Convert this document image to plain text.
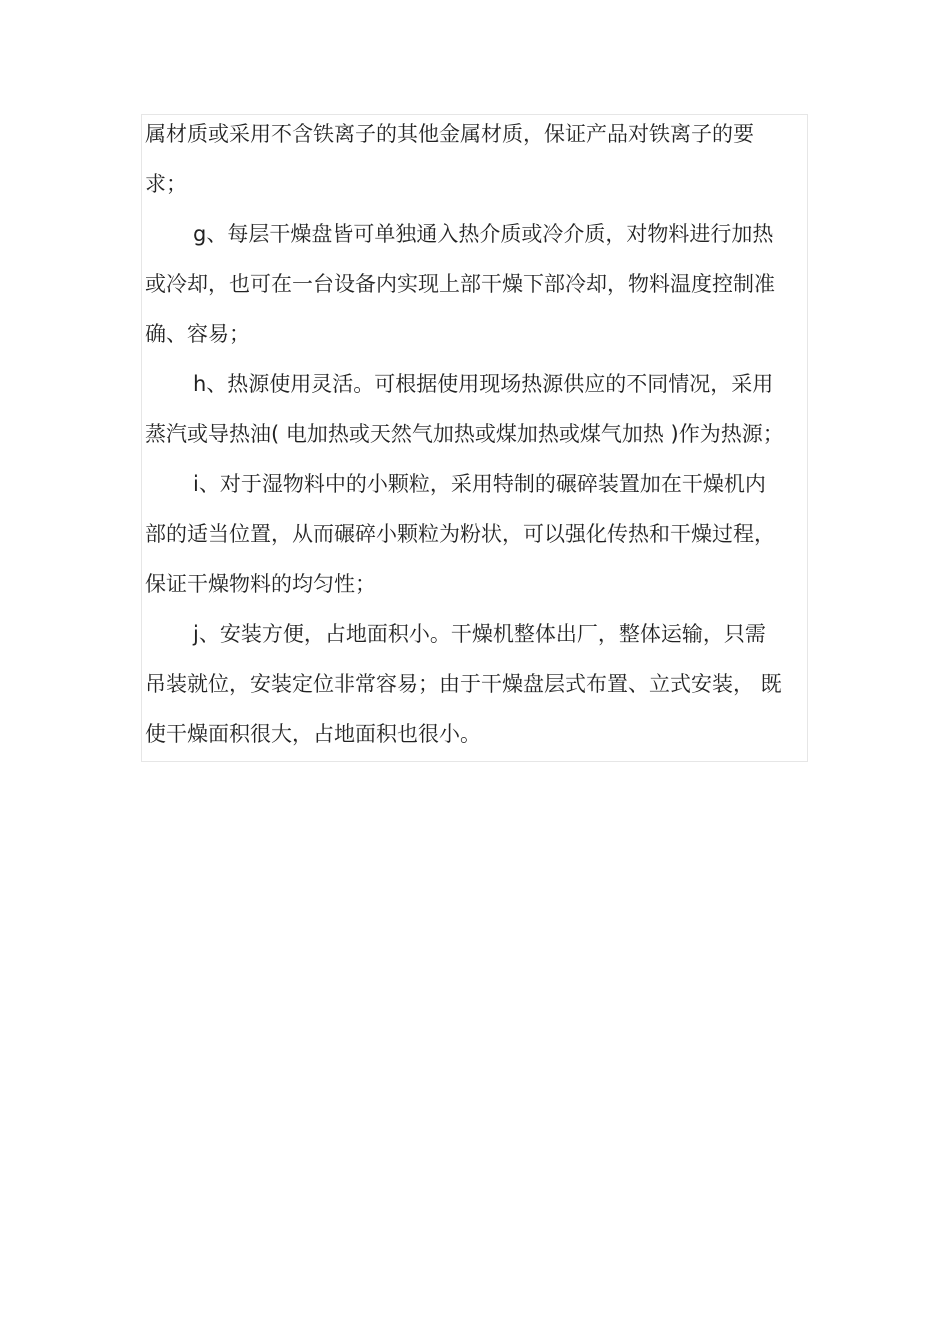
属材质或采用不含铁离子的其他金属材质，保证产品对铁离子的要
求；
g、每层干燥盘皆可单独通入热介质或冷介质，对物料进行加热
或冷却，也可在一台设备内实现上部干燥下部冷却，物料温度控制准
确、容易；
h、热源使用灵活。可根据使用现场热源供应的不同情况，采用
蒸汽或导热油( 电加热或天然气加热或煤加热或煤气加热 )作为热源；
i、对于湿物料中的小颗粒，采用特制的碾碎装置加在干燥机内
部的适当位置，从而碾碎小颗粒为粉状，可以强化传热和干燥过程，
保证干燥物料的均匀性；
j、安装方便，占地面积小。干燥机整体出厂，整体运输，只需
吊装就位，安装定位非常容易；由于干燥盘层式布置、立式安装， 既
使干燥面积很大，占地面积也很小。
